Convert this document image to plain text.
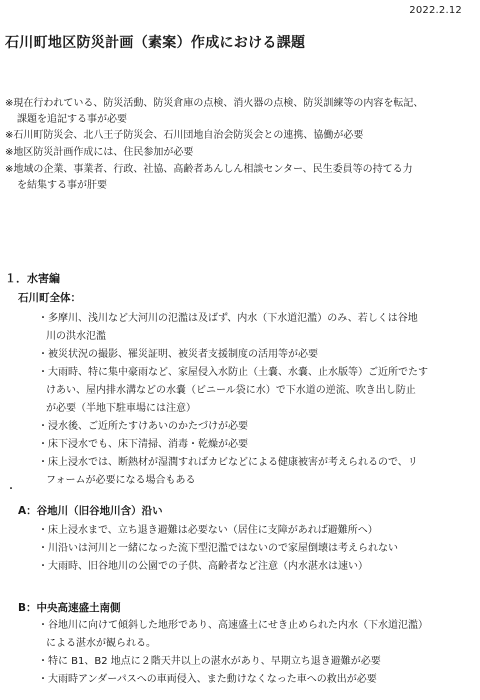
2022.2.12
石川町地区防災計画（素案）作成における課題
※現在行われている、防災活動、防災倉庫の点検、消火器の点検、防災訓練等の内容を転記、
課題を追記する事が必要
※石川町防災会、北八王子防災会、石川団地自治会防災会との連携、協働が必要
※地区防災計画作成には、住民参加が必要
※地域の企業、事業者、行政、社協、高齢者あんしん相談センター、民生委員等の持てる力
を結集する事が肝要
１．水害編
石川町全体：
・多摩川、浅川など大河川の氾濫は及ばず、内水（下水道氾濫）のみ、若しくは谷地
川の洪水氾濫
・被災状況の撮影、罹災証明、被災者支援制度の活用等が必要
・大雨時、特に集中豪雨など、家屋侵入水防止（土嚢、水嚢、止水版等）ご近所でたす
けあい、屋内排水溝などの水嚢（ビニール袋に水）で下水道の逆流、吹き出し防止
が必要（半地下駐車場には注意）
・浸水後、ご近所たすけあいのかたづけが必要
・床下浸水でも、床下清掃、消毒・乾燥が必要
・床上浸水では、断熱材が湿潤すればカビなどによる健康被害が考えられるので、リ
フォームが必要になる場合もある
・
A：谷地川（旧谷地川含）沿い
・床上浸水まで、立ち退き避難は必要ない（居住に支障があれば避難所へ）
・川沿いは河川と一緒になった流下型氾濫ではないので家屋倒壊は考えられない
・大雨時、旧谷地川の公園での子供、高齢者など注意（内水湛水は速い）
B：中央高速盛土南側
・谷地川に向けて傾斜した地形であり、高速盛土にせき止められた内水（下水道氾濫）
による湛水が観られる。
・特に B1、B2 地点に２階天井以上の湛水があり、早期立ち退き避難が必要
・大雨時アンダーパスへの車両侵入、また動けなくなった車への救出が必要
